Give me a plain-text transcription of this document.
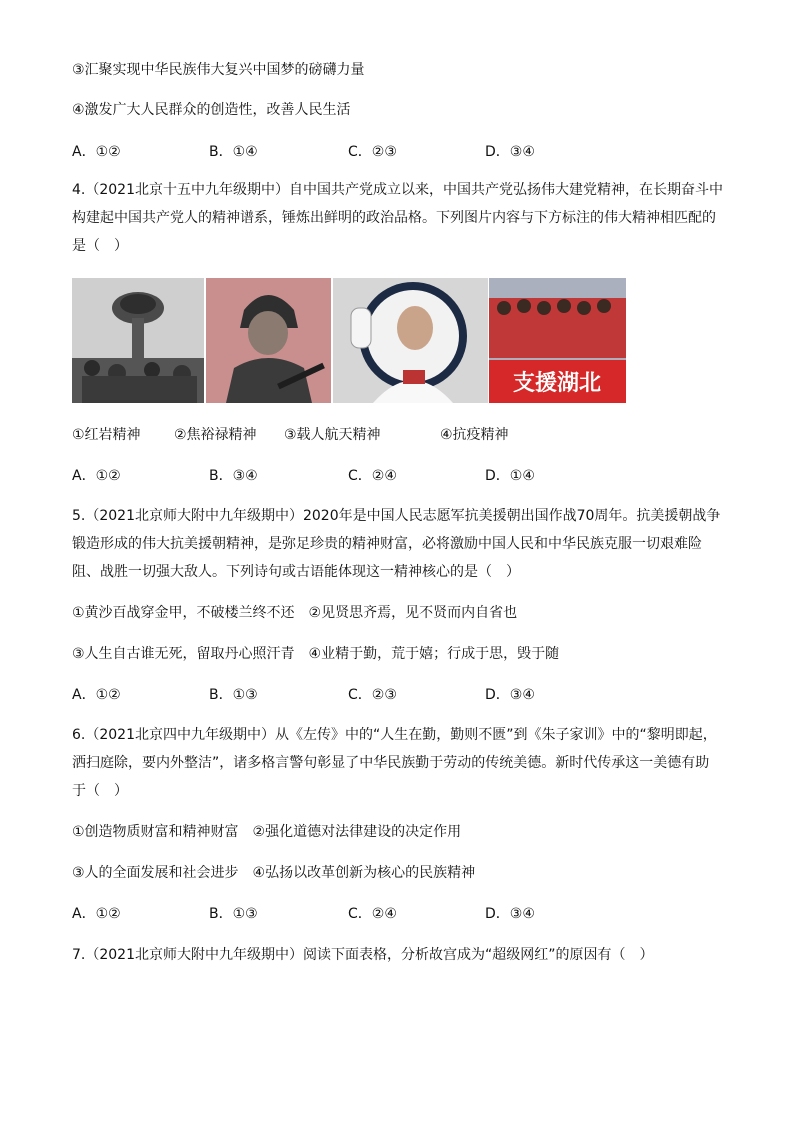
③汇聚实现中华民族伟大复兴中国梦的磅礴力量
④激发广大人民群众的创造性，改善人民生活
A．①②	B．①④	C．②③	D．③④
4.（2021北京十五中九年级期中）自中国共产党成立以来，中国共产党弘扬伟大建党精神，在长期奋斗中
构建起中国共产党人的精神谱系，锤炼出鲜明的政治品格。下列图片内容与下方标注的伟大精神相匹配的
是（　）
支援湖北
①红岩精神 ②焦裕禄精神 ③载人航天精神	④抗疫精神
A．①②	B．③④	C．②④	D．①④
5.（2021北京师大附中九年级期中）2020年是中国人民志愿军抗美援朝出国作战70周年。抗美援朝战争
锻造形成的伟大抗美援朝精神，是弥足珍贵的精神财富，必将激励中国人民和中华民族克服一切艰难险
阻、战胜一切强大敌人。下列诗句或古语能体现这一精神核心的是（　）
①黄沙百战穿金甲，不破楼兰终不还　②见贤思齐焉，见不贤而内自省也
③人生自古谁无死，留取丹心照汗青　④业精于勤，荒于嬉；行成于思，毁于随
A．①②	B．①③	C．②③	D．③④
6.（2021北京四中九年级期中）从《左传》中的“人生在勤，勤则不匮”到《朱子家训》中的“黎明即起，
洒扫庭除，要内外整洁”，诸多格言警句彰显了中华民族勤于劳动的传统美德。新时代传承这一美德有助
于（　）
①创造物质财富和精神财富　②强化道德对法律建设的决定作用
③人的全面发展和社会进步　④弘扬以改革创新为核心的民族精神
A．①②	B．①③	C．②④	D．③④
7.（2021北京师大附中九年级期中）阅读下面表格，分析故宫成为“超级网红”的原因有（　）
